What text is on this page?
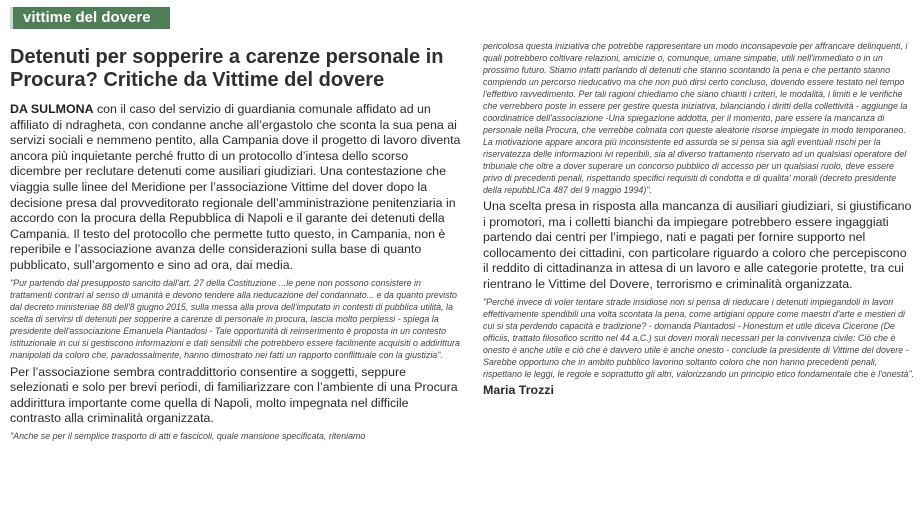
vittime del dovere
Detenuti per sopperire a carenze personale in Procura? Critiche da Vittime del dovere

DA SULMONA con il caso del servizio di guardiania comunale affidato ad un affiliato di ndragheta, con condanne anche all’ergastolo che sconta la sua pena ai servizi sociali e nemmeno pentito, alla Campania dove il progetto di lavoro diventa ancora più inquietante perché frutto di un protocollo d’intesa dello scorso dicembre per reclutare detenuti come ausiliari giudiziari. Una contestazione che viaggia sulle linee del Meridione per l’associazione Vittime del dover dopo la decisione presa dal provveditorato regionale dell’amministrazione penitenziaria in accordo con la procura della Repubblica di Napoli e il garante dei detenuti della Campania. Il testo del protocollo che permette tutto questo, in Campania, non è reperibile e l’associazione avanza delle considerazioni sulla base di quanto pubblicato, sull’argomento e sino ad ora, dai media.

"Pur partendo dal presupposto sancito dall'art. 27 della Costituzione ...le pene non possono consistere in trattamenti contrari al senso di umanità e devono tendere alla rieducazione del condannato... e da quanto previsto dal decreto ministeriae 88 dell'8 giugno 2015, sulla messa alla prova dell'imputato in contesti di pubblica utilità, la scelta di servirsi di detenuti per sopperire a carenze di personale in procura, lascia molto perplessi - spiega la presidente dell'associazione Emanuela Piantadosi - Tale opportunità di reinserimento è proposta in un contesto istituzionale in cui si gestiscono informazioni e dati sensibili che potrebbero essere facilmente acquisiti o addirittura manipolati da coloro che, paradossalmente, hanno dimostrato nei fatti un rapporto conflittuale con la giustizia".

Per l’associazione sembra contraddittorio consentire a soggetti, seppure selezionati e solo per brevi periodi, di familiarizzare con l’ambiente di una Procura addirittura importante come quella di Napoli, molto impegnata nel difficile contrasto alla criminalità organizzata.

"Anche se per il semplice trasporto di atti e fascicoli, quale mansione specificata, riteniamo

pericolosa questa iniziativa che potrebbe rappresentare un modo inconsapevole per affrancare delinquenti, i quali potrebbero coltivare relazioni, amicizie o, comunque, umane simpatie, utili nell'immediato o in un prossimo futuro. Stiamo infatti parlando di detenuti che stanno scontando la pena e che pertanto stanno compiendo un percorso rieducativo ma che non può dirsi certo concluso, dovendo essere testato nel tempo l'effettivo ravvedimento. Per tali ragioni chiediamo che siano chiariti i criteri, le modalità, i limiti e le verifiche che verrebbero poste in essere per gestire questa iniziativa, bilanciando i diritti della collettività - aggiunge la coordinatrice dell'associazione -Una spiegazione addotta, per il momento, pare essere la mancanza di personale nella Procura, che verrebbe colmata con queste aleatorie risorse impiegate in modo temporaneo. La motivazione appare ancora più inconsistente ed assurda se si pensa sia agli eventuali rischi per la riservatezza delle informazioni ivi reperibili, sia al diverso trattamento riservato ad un qualsiasi operatore del tribunale che oltre a dover superare un concorso pubblico di accesso per un qualsiasi ruolo, deve essere privo di precedenti penali, rispettando specifici requisiti di condotta e di qualita' morali (decreto presidente della repubbLICa 487 del 9 maggio 1994)".

Una scelta presa in risposta alla mancanza di ausiliari giudiziari, si giustificano i promotori, ma i colletti bianchi da impiegare potrebbero essere ingaggiati partendo dai centri per l’impiego, nati e pagati per fornire supporto nel collocamento dei cittadini, con particolare riguardo a coloro che percepiscono il reddito di cittadinanza in attesa di un lavoro e alle categorie protette, tra cui rientrano le Vittime del Dovere, terrorismo e criminalità organizzata.

"Perché invece di voler tentare strade insidiose non si pensa di rieducare i detenuti impiegandoli in lavori effettivamente spendibili una volta scontata la pena, come artigiani oppure come maestri d'arte e mestieri di cui si sta perdendo capacità e tradizione? - domanda Piantadosi - Honestum et utile diceva Cicerone (De officiis, trattato filosofico scritto nel 44 a.C.) sui doveri morali necessari per la convivenza civile: Ciò che è onesto è anche utile e ciò che è davvero utile è anche onesto - conclude la presidente di Vittime del dovere - Sarebbe opportuno che in ambito pubblico lavorino soltanto coloro che non hanno precedenti penali, rispettano le leggi, le regole e soprattutto gli altri, valorizzando un principio etico fondamentale che è l'onestà".

Maria Trozzi
